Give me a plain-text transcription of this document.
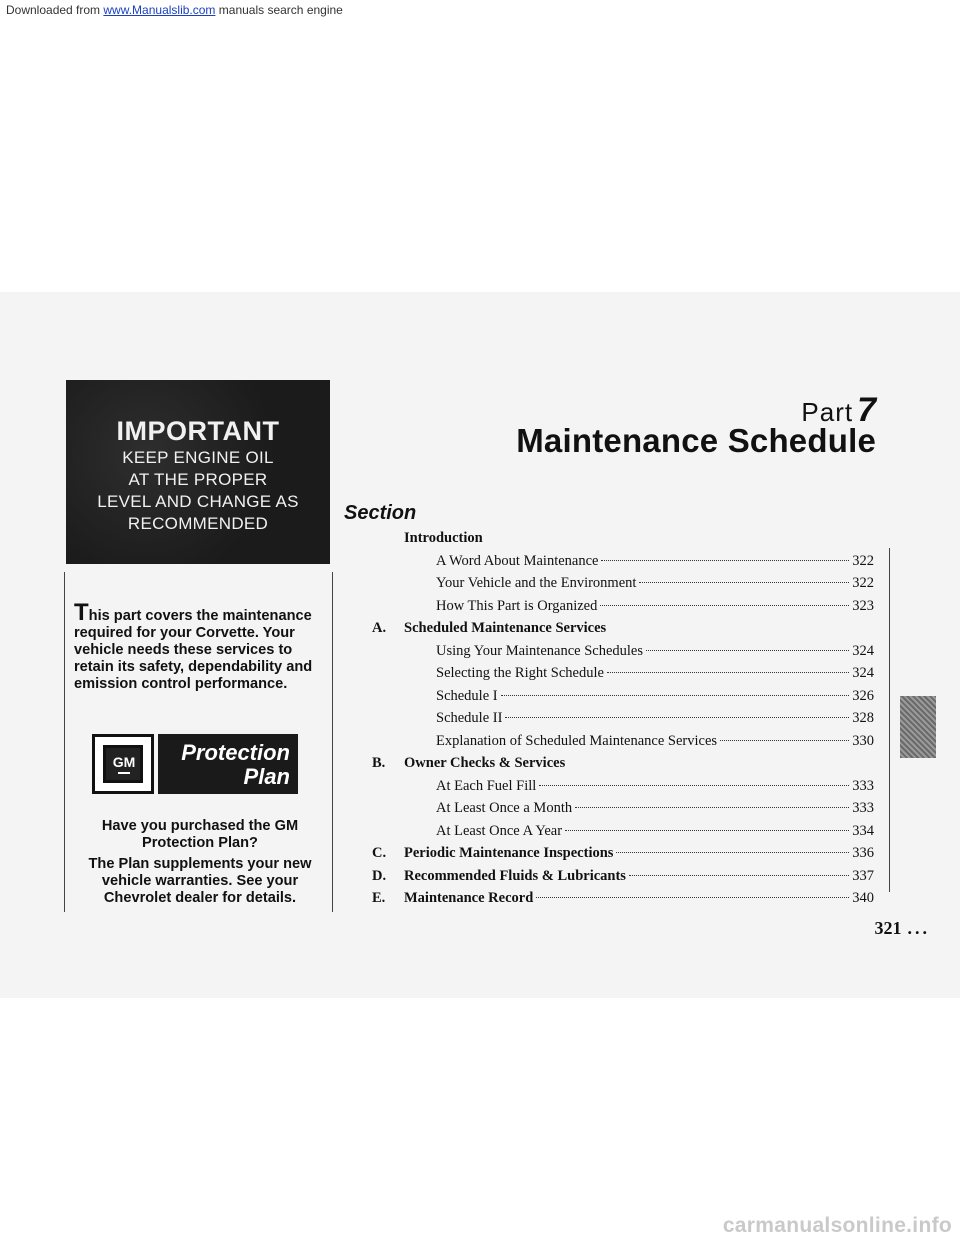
Downloaded from www.Manualslib.com manuals search engine
IMPORTANT
KEEP ENGINE OIL
AT THE PROPER
LEVEL AND CHANGE AS
RECOMMENDED
This part covers the maintenance required for your Corvette. Your vehicle needs these services to retain its safety, dependability and emission control performance.
GM	Protection
Plan
Have you purchased the GM Protection Plan?
The Plan supplements your new vehicle warranties. See your Chevrolet dealer for details.
Part 7
Maintenance Schedule
Section
Introduction
A Word About Maintenance	322
Your Vehicle and the Environment	322
How This Part is Organized	323
A.	Scheduled Maintenance Services
Using Your Maintenance Schedules	324
Selecting the Right Schedule	324
Schedule I	326
Schedule II	328
Explanation of Scheduled Maintenance Services	330
B.	Owner Checks & Services
At Each Fuel Fill	333
At Least Once a Month	333
At Least Once A Year	334
C.	Periodic Maintenance Inspections	336
D.	Recommended Fluids & Lubricants	337
E.	Maintenance Record	340
321 ...
carmanualsonline.info
